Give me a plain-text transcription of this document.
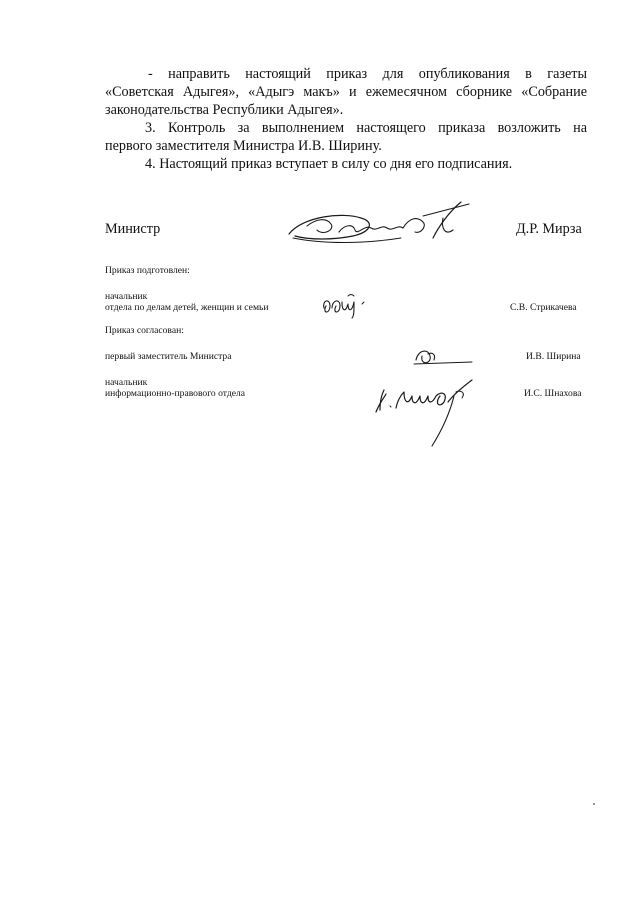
- направить настоящий приказ для опубликования в газеты
«Советская Адыгея», «Адыгэ макъ» и ежемесячном сборнике «Собрание
законодательства Республики Адыгея».
3. Контроль за выполнением настоящего приказа возложить на
первого заместителя Министра И.В. Ширину.
4. Настоящий приказ вступает в силу со дня его подписания.
Министр	Д.Р. Мирза
Приказ подготовлен:
начальник
отдела по делам детей, женщин и семьи	С.В. Стрикачева
Приказ согласован:
первый заместитель Министра	И.В. Ширина
начальник
информационно-правового отдела	И.С. Шнахова
